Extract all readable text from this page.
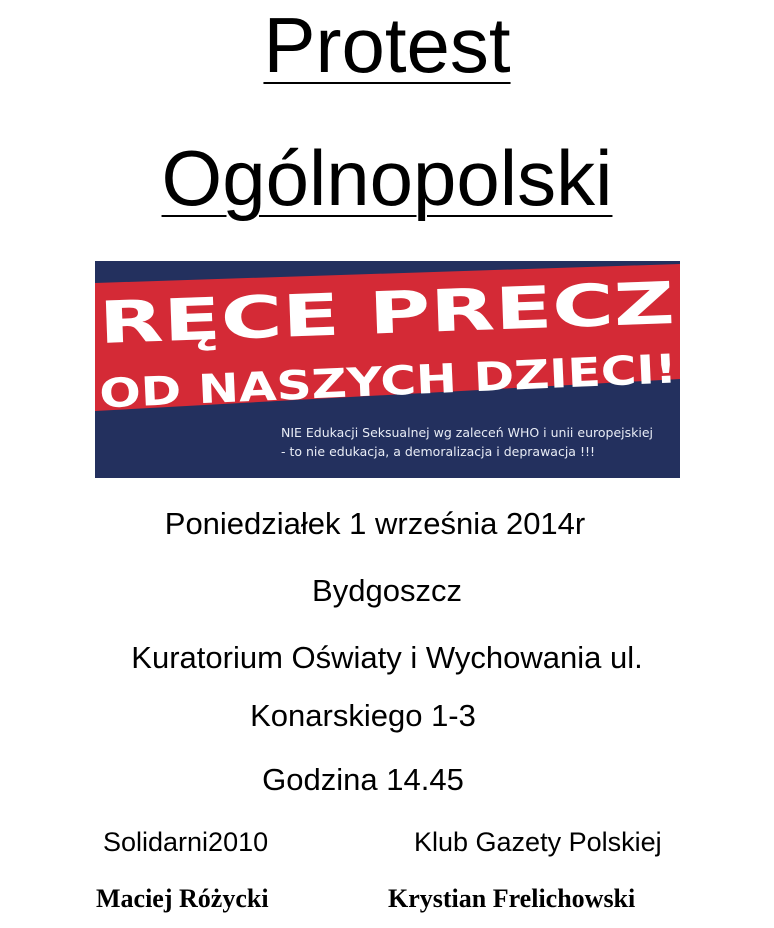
Protest
Ogólnopolski
RĘCE PRECZ
OD NASZYCH DZIECI!
NIE Edukacji Seksualnej wg zaleceń WHO i unii europejskiej
- to nie edukacja, a demoralizacja i deprawacja !!!
Poniedziałek 1 września 2014r
Bydgoszcz
Kuratorium Oświaty i Wychowania ul.
Konarskiego 1-3
Godzina 14.45
Solidarni2010	Klub Gazety Polskiej
Maciej Różycki	Krystian Frelichowski
